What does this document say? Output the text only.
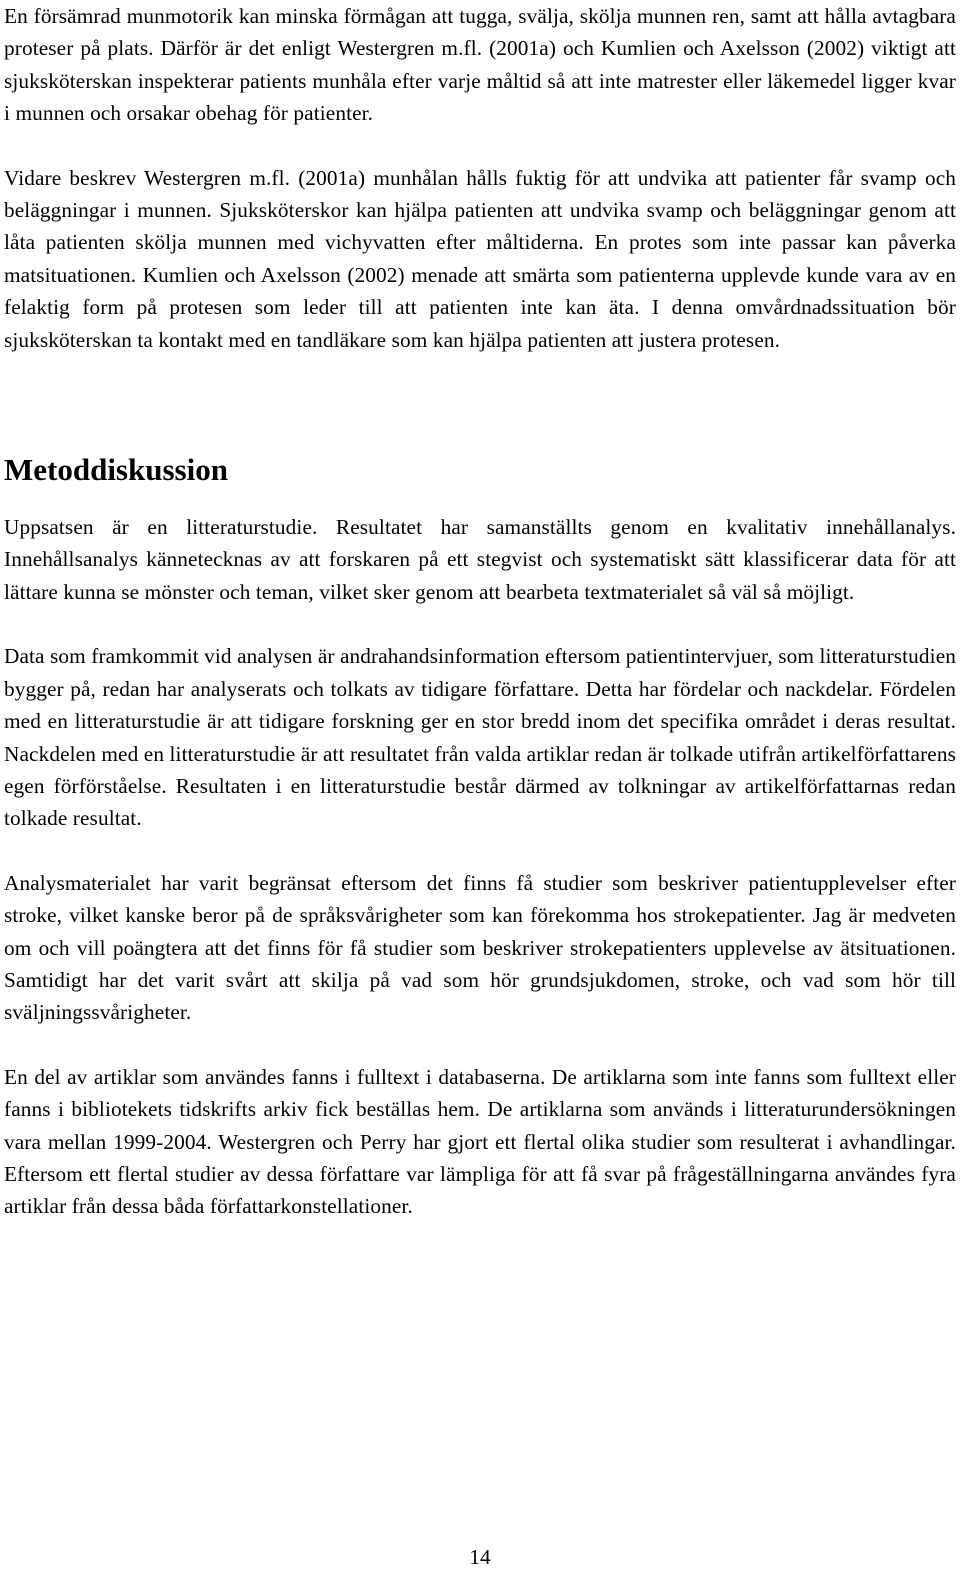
En försämrad munmotorik kan minska förmågan att tugga, svälja, skölja munnen ren, samt att hålla avtagbara proteser på plats. Därför är det enligt Westergren m.fl. (2001a) och Kumlien och Axelsson (2002) viktigt att sjuksköterskan inspekterar patients munhåla efter varje måltid så att inte matrester eller läkemedel ligger kvar i munnen och orsakar obehag för patienter.

Vidare beskrev Westergren m.fl. (2001a) munhålan hålls fuktig för att undvika att patienter får svamp och beläggningar i munnen. Sjuksköterskor kan hjälpa patienten att undvika svamp och beläggningar genom att låta patienten skölja munnen med vichyvatten efter måltiderna. En protes som inte passar kan påverka matsituationen. Kumlien och Axelsson (2002) menade att smärta som patienterna upplevde kunde vara av en felaktig form på protesen som leder till att patienten inte kan äta. I denna omvårdnadssituation bör sjuksköterskan ta kontakt med en tandläkare som kan hjälpa patienten att justera protesen.

Metoddiskussion

Uppsatsen är en litteraturstudie. Resultatet har samanställts genom en kvalitativ innehållanalys. Innehållsanalys kännetecknas av att forskaren på ett stegvist och systematiskt sätt klassificerar data för att lättare kunna se mönster och teman, vilket sker genom att bearbeta textmaterialet så väl så möjligt.

Data som framkommit vid analysen är andrahandsinformation eftersom patientintervjuer, som litteraturstudien bygger på, redan har analyserats och tolkats av tidigare författare. Detta har fördelar och nackdelar. Fördelen med en litteraturstudie är att tidigare forskning ger en stor bredd inom det specifika området i deras resultat. Nackdelen med en litteraturstudie är att resultatet från valda artiklar redan är tolkade utifrån artikelförfattarens egen förförståelse. Resultaten i en litteraturstudie består därmed av tolkningar av artikelförfattarnas redan tolkade resultat.

Analysmaterialet har varit begränsat eftersom det finns få studier som beskriver patientupplevelser efter stroke, vilket kanske beror på de språksvårigheter som kan förekomma hos strokepatienter. Jag är medveten om och vill poängtera att det finns för få studier som beskriver strokepatienters upplevelse av ätsituationen. Samtidigt har det varit svårt att skilja på vad som hör grundsjukdomen, stroke, och vad som hör till sväljningssvårigheter.

En del av artiklar som användes fanns i fulltext i databaserna. De artiklarna som inte fanns som fulltext eller fanns i bibliotekets tidskrifts arkiv fick beställas hem. De artiklarna som används i litteraturundersökningen vara mellan 1999-2004. Westergren och Perry har gjort ett flertal olika studier som resulterat i avhandlingar. Eftersom ett flertal studier av dessa författare var lämpliga för att få svar på frågeställningarna användes fyra artiklar från dessa båda författarkonstellationer.

14
